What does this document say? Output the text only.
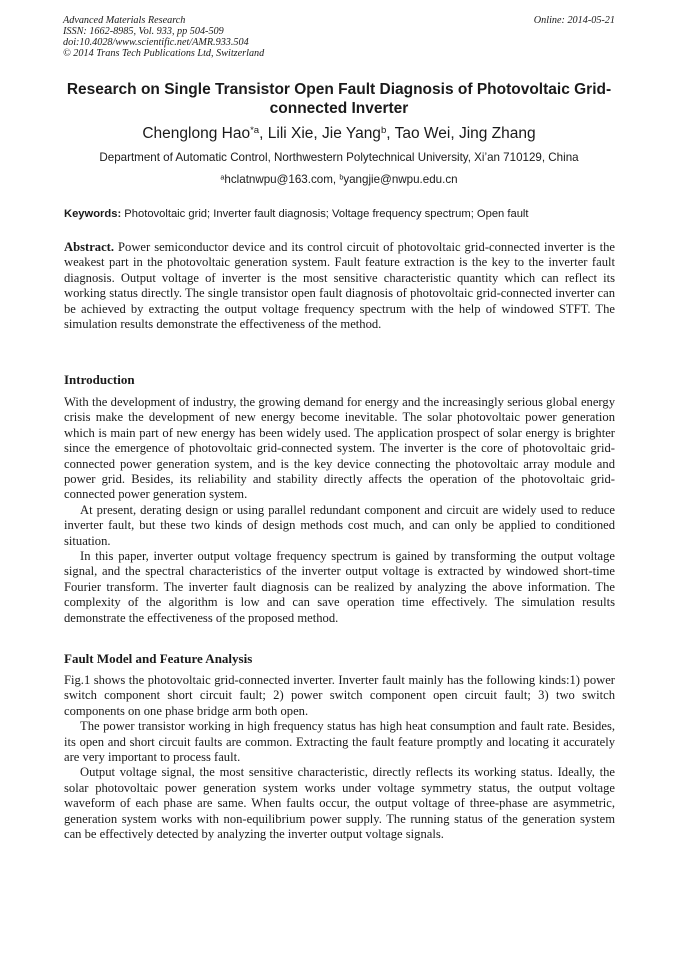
Advanced Materials Research
ISSN: 1662-8985, Vol. 933, pp 504-509
doi:10.4028/www.scientific.net/AMR.933.504
© 2014 Trans Tech Publications Ltd, Switzerland
Online: 2014-05-21
Research on Single Transistor Open Fault Diagnosis of Photovoltaic Grid-connected Inverter
Chenglong Hao$^{*a}$, Lili Xie, Jie Yang$^b$, Tao Wei, Jing Zhang
Department of Automatic Control, Northwestern Polytechnical University, Xi’an 710129, China
$^a$hclatnwpu@163.com, $^b$yangjie@nwpu.edu.cn
Keywords: Photovoltaic grid; Inverter fault diagnosis; Voltage frequency spectrum; Open fault

Abstract. Power semiconductor device and its control circuit of photovoltaic grid-connected inverter is the weakest part in the photovoltaic generation system. Fault feature extraction is the key to the inverter fault diagnosis. Output voltage of inverter is the most sensitive characteristic quantity which can reflect its working status directly. The single transistor open fault diagnosis of photovoltaic grid-connected inverter can be achieved by extracting the output voltage frequency spectrum with the help of windowed STFT. The simulation results demonstrate the effectiveness of the method.

Introduction

With the development of industry, the growing demand for energy and the increasingly serious global energy crisis make the development of new energy become inevitable. The solar photovoltaic power generation which is main part of new energy has been widely used. The application prospect of solar energy is brighter since the emergence of photovoltaic grid-connected system. The inverter is the core of photovoltaic grid-connected power generation system, and is the key device connecting the photovoltaic array module and power grid. Besides, its reliability and stability directly affects the operation of the photovoltaic grid-connected power generation system.

At present, derating design or using parallel redundant component and circuit are widely used to reduce inverter fault, but these two kinds of design methods cost much, and can only be applied to conditioned situation.

In this paper, inverter output voltage frequency spectrum is gained by transforming the output voltage signal, and the spectral characteristics of the inverter output voltage is extracted by windowed short-time Fourier transform. The inverter fault diagnosis can be realized by analyzing the above information. The complexity of the algorithm is low and can save operation time effectively. The simulation results demonstrate the effectiveness of the proposed method.

Fault Model and Feature Analysis

Fig.1 shows the photovoltaic grid-connected inverter. Inverter fault mainly has the following kinds:1) power switch component short circuit fault; 2) power switch component open circuit fault; 3) two switch components on one phase bridge arm both open.

The power transistor working in high frequency status has high heat consumption and fault rate. Besides, its open and short circuit faults are common. Extracting the fault feature promptly and locating it accurately are very important to process fault.

Output voltage signal, the most sensitive characteristic, directly reflects its working status. Ideally, the solar photovoltaic power generation system works under voltage symmetry status, the output voltage waveform of each phase are same. When faults occur, the output voltage of three-phase are asymmetric, generation system works with non-equilibrium power supply. The running status of the generation system can be effectively detected by analyzing the inverter output voltage signals.
